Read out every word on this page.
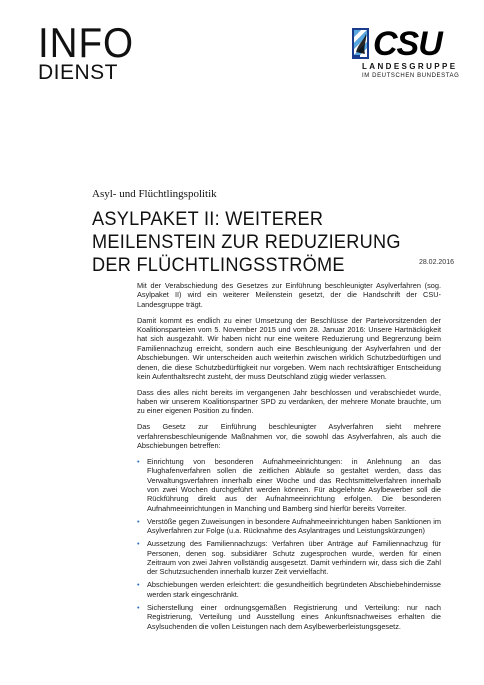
INFO
DIENST
CSU
LANDESGRUPPE
IM DEUTSCHEN BUNDESTAG
Asyl- und Flüchtlingspolitik
ASYLPAKET II: WEITERER MEILENSTEIN ZUR REDUZIERUNG DER FLÜCHTLINGSSTRÖME	28.02.2016

Mit der Verabschiedung des Gesetzes zur Einführung beschleunigter Asylverfahren (sog. Asylpaket II) wird ein weiterer Meilenstein gesetzt, der die Handschrift der CSU-Landesgruppe trägt.

Damit kommt es endlich zu einer Umsetzung der Beschlüsse der Parteivorsitzenden der Koalitionsparteien vom 5. November 2015 und vom 28. Januar 2016: Unsere Hartnäckigkeit hat sich ausgezahlt. Wir haben nicht nur eine weitere Reduzierung und Begrenzung beim Familiennachzug erreicht, sondern auch eine Beschleunigung der Asylverfahren und der Abschiebungen. Wir unterscheiden auch weiterhin zwischen wirklich Schutzbedürftigen und denen, die diese Schutzbedürftigkeit nur vorgeben. Wem nach rechtskräftiger Entscheidung kein Aufenthaltsrecht zusteht, der muss Deutschland zügig wieder verlassen.

Dass dies alles nicht bereits im vergangenen Jahr beschlossen und verabschiedet wurde, haben wir unserem Koalitionspartner SPD zu verdanken, der mehrere Monate brauchte, um zu einer eigenen Position zu finden.

Das Gesetz zur Einführung beschleunigter Asylverfahren sieht mehrere verfahrensbeschleunigende Maßnahmen vor, die sowohl das Asylverfahren, als auch die Abschiebungen betreffen:

• Einrichtung von besonderen Aufnahmeeinrichtungen: in Anlehnung an das Flughafenverfahren sollen die zeitlichen Abläufe so gestaltet werden, dass das Verwaltungsverfahren innerhalb einer Woche und das Rechtsmittelverfahren innerhalb von zwei Wochen durchgeführt werden können. Für abgelehnte Asylbewerber soll die Rückführung direkt aus der Aufnahmeeinrichtung erfolgen. Die besonderen Aufnahmeeinrichtungen in Manching und Bamberg sind hierfür bereits Vorreiter.
• Verstöße gegen Zuweisungen in besondere Aufnahmeeinrichtungen haben Sanktionen im Asylverfahren zur Folge (u.a. Rücknahme des Asylantrages und Leistungskürzungen)
• Aussetzung des Familiennachzugs: Verfahren über Anträge auf Familiennachzug für Personen, denen sog. subsidiärer Schutz zugesprochen wurde, werden für einen Zeitraum von zwei Jahren vollständig ausgesetzt. Damit verhindern wir, dass sich die Zahl der Schutzsuchenden innerhalb kurzer Zeit vervielfacht.
• Abschiebungen werden erleichtert: die gesundheitlich begründeten Abschiebehindernisse werden stark eingeschränkt.
• Sicherstellung einer ordnungsgemäßen Registrierung und Verteilung: nur nach Registrierung, Verteilung und Ausstellung eines Ankunftsnachweises erhalten die Asylsuchenden die vollen Leistungen nach dem Asylbewerberleistungsgesetz.
